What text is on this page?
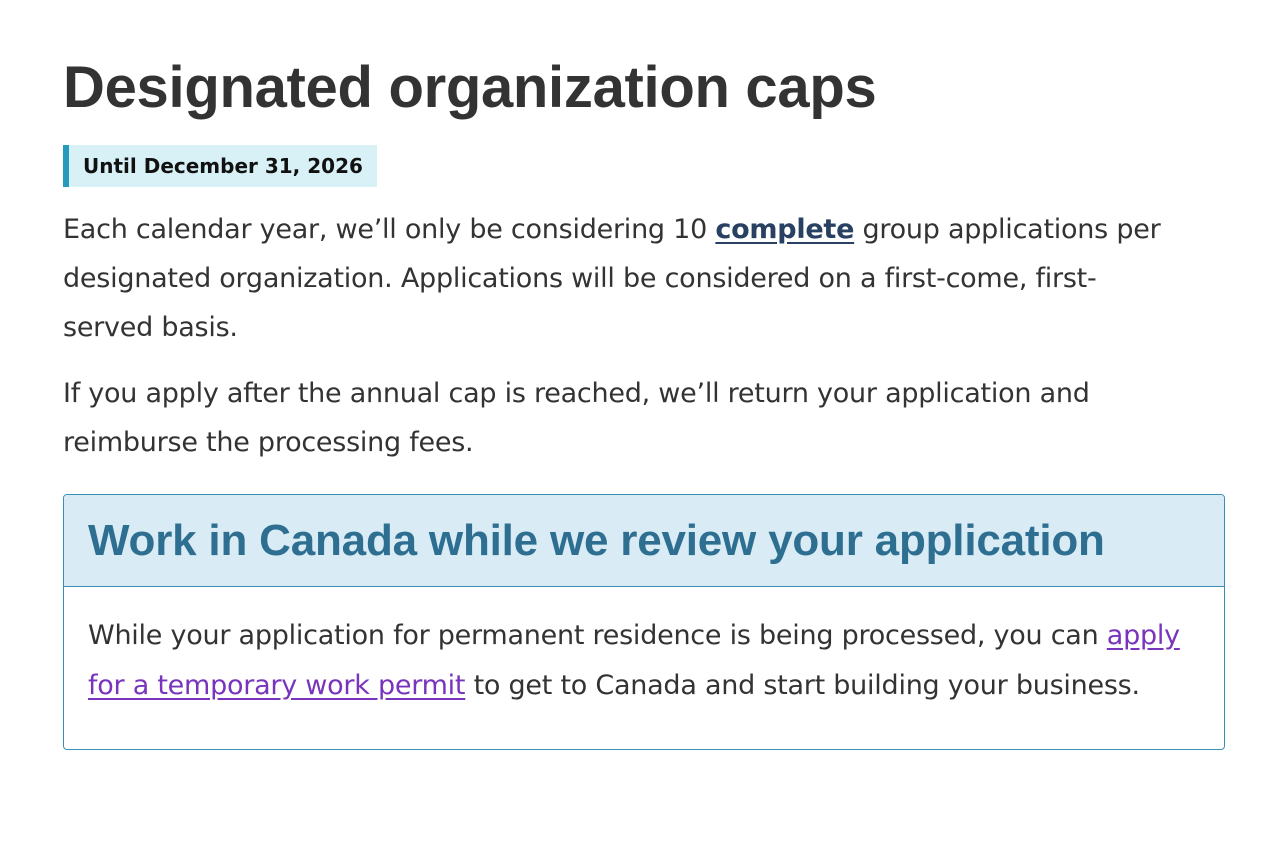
Designated organization caps
Until December 31, 2026

Each calendar year, we’ll only be considering 10 complete group applications per designated organization. Applications will be considered on a first-come, first-served basis.

If you apply after the annual cap is reached, we’ll return your application and reimburse the processing fees.

Work in Canada while we review your application
While your application for permanent residence is being processed, you can apply for a temporary work permit to get to Canada and start building your business.
